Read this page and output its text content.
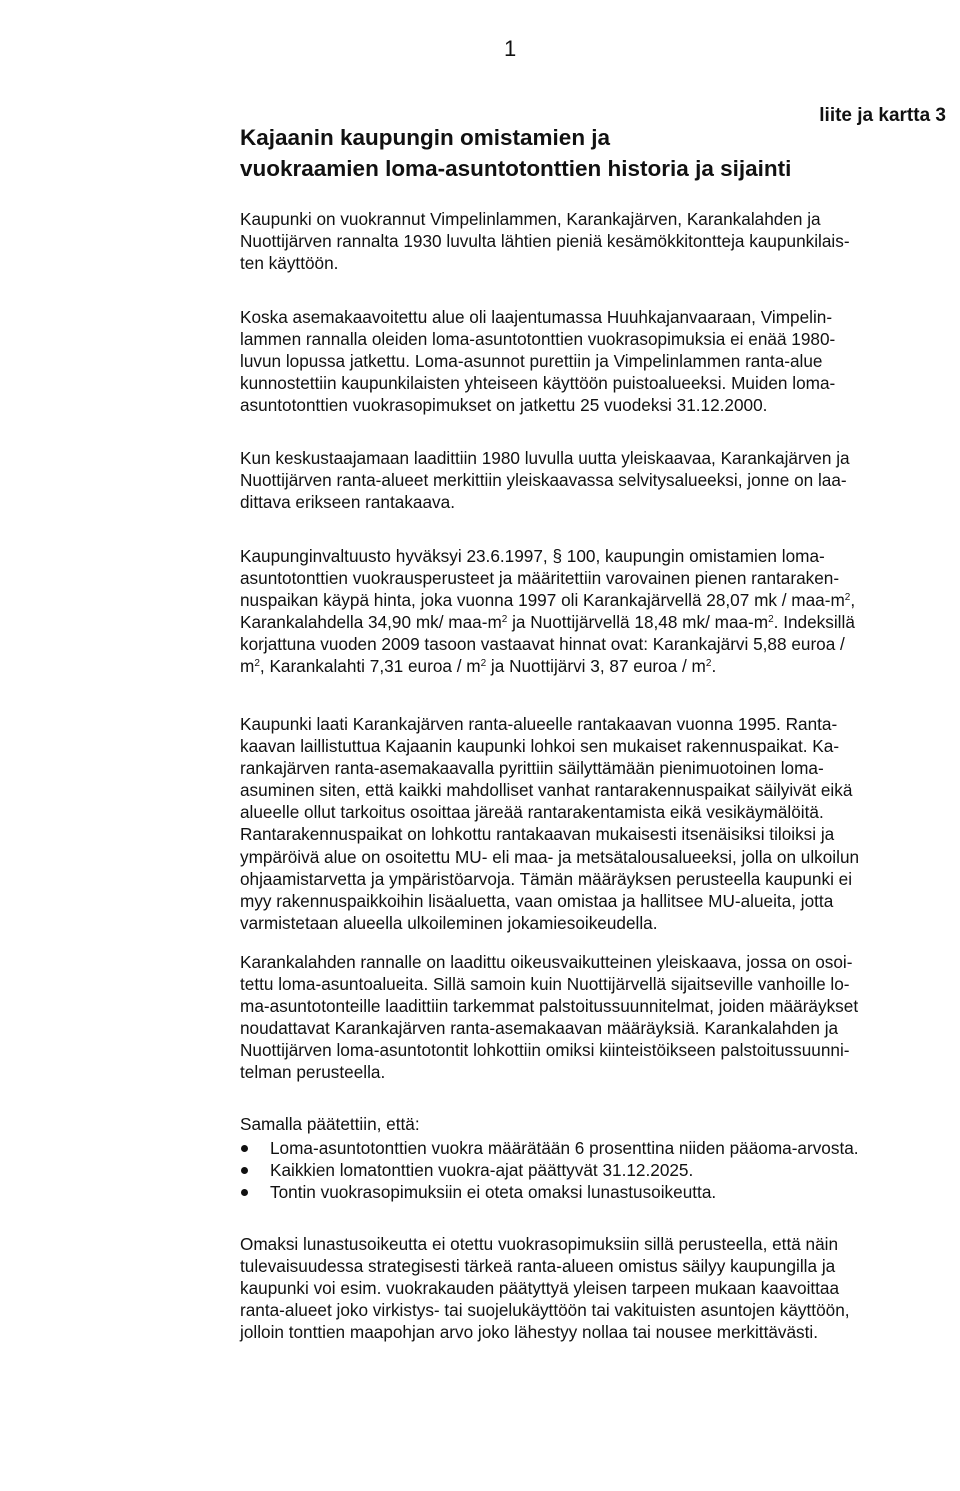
1
liite ja kartta 3
Kajaanin kaupungin omistamien ja
vuokraamien loma-asuntotonttien historia ja sijainti

Kaupunki on vuokrannut Vimpelinlammen, Karankajärven, Karankalahden ja
Nuottijärven rannalta 1930 luvulta lähtien pieniä kesämökkitontteja kaupunkilais-
ten käyttöön.

Koska asemakaavoitettu alue oli laajentumassa Huuhkajanvaaraan, Vimpelin-
lammen rannalla oleiden loma-asuntotonttien vuokrasopimuksia ei enää 1980-
luvun lopussa jatkettu. Loma-asunnot purettiin ja Vimpelinlammen ranta-alue
kunnostettiin kaupunkilaisten yhteiseen käyttöön puistoalueeksi. Muiden loma-
asuntotonttien vuokrasopimukset on jatkettu 25 vuodeksi 31.12.2000.

Kun keskustaajamaan laadittiin 1980 luvulla uutta yleiskaavaa, Karankajärven ja
Nuottijärven ranta-alueet merkittiin yleiskaavassa selvitysalueeksi, jonne on laa-
dittava erikseen rantakaava.

Kaupunginvaltuusto hyväksyi 23.6.1997, § 100, kaupungin omistamien loma-
asuntotonttien vuokrausperusteet ja määritettiin varovainen pienen rantaraken-
nuspaikan käypä hinta, joka vuonna 1997 oli Karankajärvellä 28,07 mk / maa-$m^2$,
Karankalahdella 34,90 mk/ maa-$m^2$ ja Nuottijärvellä 18,48 mk/ maa-$m^2$. Indeksillä
korjattuna vuoden 2009 tasoon vastaavat hinnat ovat: Karankajärvi 5,88 euroa /
$m^2$, Karankalahti 7,31 euroa / $m^2$ ja Nuottijärvi 3, 87 euroa / $m^2$.

Kaupunki laati Karankajärven ranta-alueelle rantakaavan vuonna 1995. Ranta-
kaavan laillistuttua Kajaanin kaupunki lohkoi sen mukaiset rakennuspaikat. Ka-
rankajärven ranta-asemakaavalla pyrittiin säilyttämään pienimuotoinen loma-
asuminen siten, että kaikki mahdolliset vanhat rantarakennuspaikat säilyivät eikä
alueelle ollut tarkoitus osoittaa järeää rantarakentamista eikä vesikäymälöitä.
Rantarakennuspaikat on lohkottu rantakaavan mukaisesti itsenäisiksi tiloiksi ja
ympäröivä alue on osoitettu MU- eli maa- ja metsätalousalueeksi, jolla on ulkoilun
ohjaamistarvetta ja ympäristöarvoja. Tämän määräyksen perusteella kaupunki ei
myy rakennuspaikkoihin lisäaluetta, vaan omistaa ja hallitsee MU-alueita, jotta
varmistetaan alueella ulkoileminen jokamiesoikeudella.

Karankalahden rannalle on laadittu oikeusvaikutteinen yleiskaava, jossa on osoi-
tettu loma-asuntoalueita. Sillä samoin kuin Nuottijärvellä sijaitseville vanhoille lo-
ma-asuntotonteille laadittiin tarkemmat palstoitussuunnitelmat, joiden määräykset
noudattavat Karankajärven ranta-asemakaavan määräyksiä. Karankalahden ja
Nuottijärven loma-asuntotontit lohkottiin omiksi kiinteistöikseen palstoitussuunni-
telman perusteella.

Samalla päätettiin, että:

Loma-asuntotonttien vuokra määrätään 6 prosenttina niiden pääoma-arvosta.
Kaikkien lomatonttien vuokra-ajat päättyvät 31.12.2025.
Tontin vuokrasopimuksiin ei oteta omaksi lunastusoikeutta.

Omaksi lunastusoikeutta ei otettu vuokrasopimuksiin sillä perusteella, että näin
tulevaisuudessa strategisesti tärkeä ranta-alueen omistus säilyy kaupungilla ja
kaupunki voi esim. vuokrakauden päätyttyä yleisen tarpeen mukaan kaavoittaa
ranta-alueet joko virkistys- tai suojelukäyttöön tai vakituisten asuntojen käyttöön,
jolloin tonttien maapohjan arvo joko lähestyy nollaa tai nousee merkittävästi.
